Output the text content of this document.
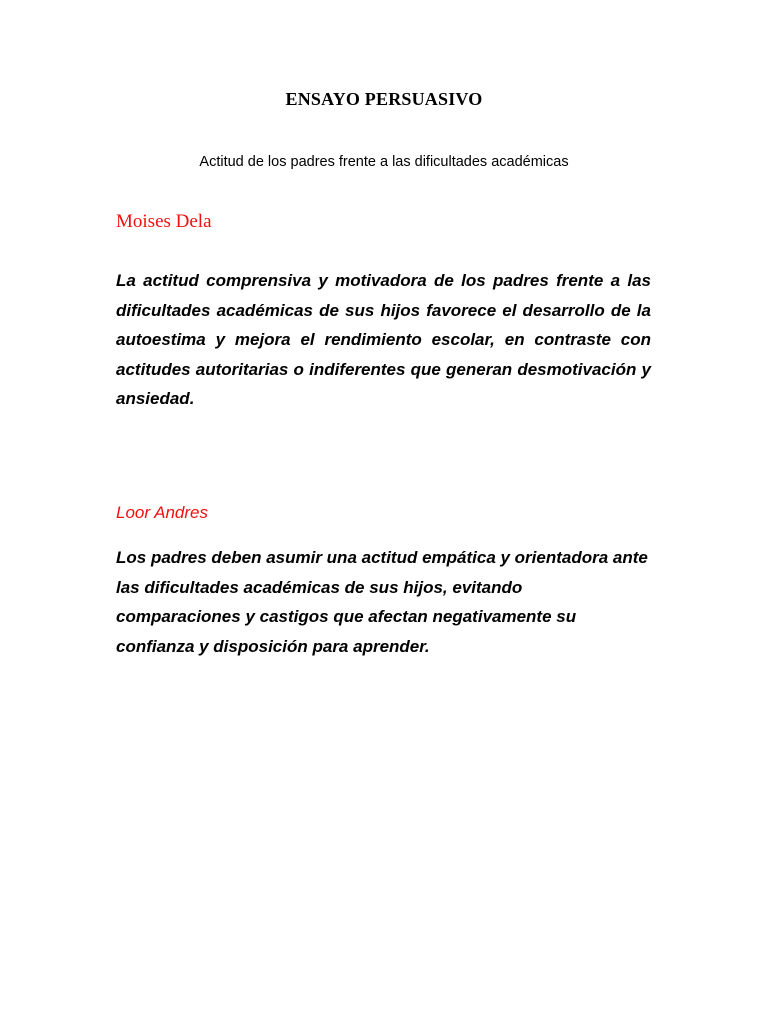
ENSAYO PERSUASIVO
Actitud de los padres frente a las dificultades académicas
Moises Dela

La actitud comprensiva y motivadora de los padres frente a las dificultades académicas de sus hijos favorece el desarrollo de la autoestima y mejora el rendimiento escolar, en contraste con actitudes autoritarias o indiferentes que generan desmotivación y ansiedad.

Loor Andres

Los padres deben asumir una actitud empática y orientadora ante las dificultades académicas de sus hijos, evitando comparaciones y castigos que afectan negativamente su confianza y disposición para aprender.
